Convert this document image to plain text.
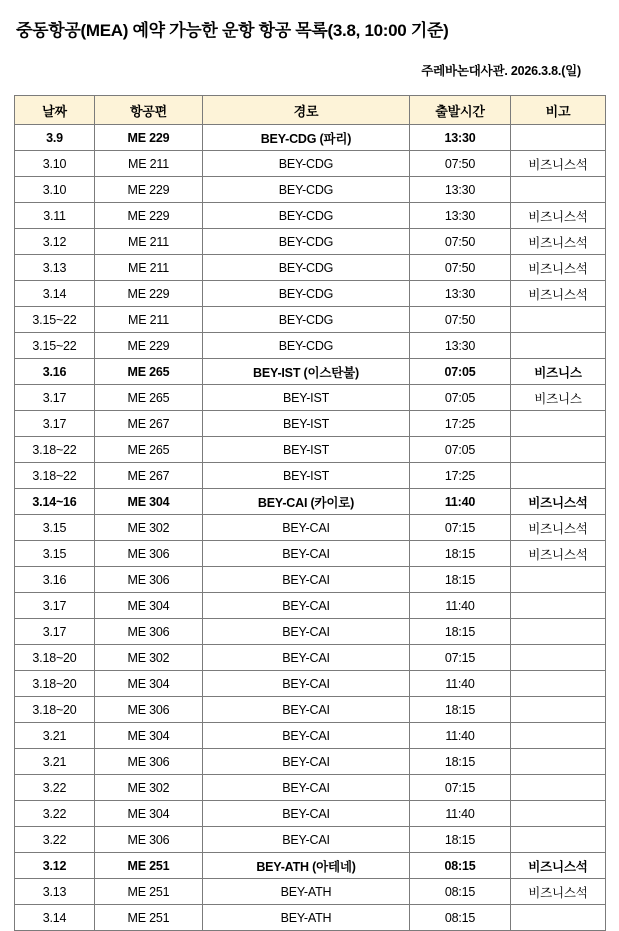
중동항공(MEA) 예약 가능한 운항 항공 목록(3.8, 10:00 기준)
주레바논대사관. 2026.3.8.(일)
날짜	항공편	경로	출발시간	비고
3.9	ME 229	BEY-CDG (파리)	13:30	
3.10	ME 211	BEY-CDG	07:50	비즈니스석
3.10	ME 229	BEY-CDG	13:30	
3.11	ME 229	BEY-CDG	13:30	비즈니스석
3.12	ME 211	BEY-CDG	07:50	비즈니스석
3.13	ME 211	BEY-CDG	07:50	비즈니스석
3.14	ME 229	BEY-CDG	13:30	비즈니스석
3.15~22	ME 211	BEY-CDG	07:50	
3.15~22	ME 229	BEY-CDG	13:30	
3.16	ME 265	BEY-IST (이스탄불)	07:05	비즈니스
3.17	ME 265	BEY-IST	07:05	비즈니스
3.17	ME 267	BEY-IST	17:25	
3.18~22	ME 265	BEY-IST	07:05	
3.18~22	ME 267	BEY-IST	17:25	
3.14~16	ME 304	BEY-CAI (카이로)	11:40	비즈니스석
3.15	ME 302	BEY-CAI	07:15	비즈니스석
3.15	ME 306	BEY-CAI	18:15	비즈니스석
3.16	ME 306	BEY-CAI	18:15	
3.17	ME 304	BEY-CAI	11:40	
3.17	ME 306	BEY-CAI	18:15	
3.18~20	ME 302	BEY-CAI	07:15	
3.18~20	ME 304	BEY-CAI	11:40	
3.18~20	ME 306	BEY-CAI	18:15	
3.21	ME 304	BEY-CAI	11:40	
3.21	ME 306	BEY-CAI	18:15	
3.22	ME 302	BEY-CAI	07:15	
3.22	ME 304	BEY-CAI	11:40	
3.22	ME 306	BEY-CAI	18:15	
3.12	ME 251	BEY-ATH (아테네)	08:15	비즈니스석
3.13	ME 251	BEY-ATH	08:15	비즈니스석
3.14	ME 251	BEY-ATH	08:15	
